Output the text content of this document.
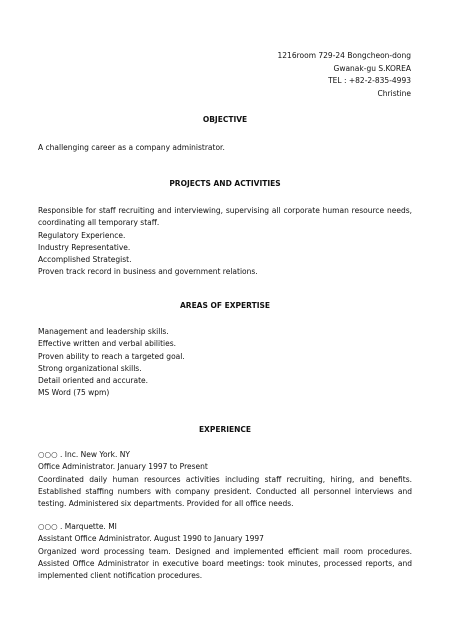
1216room 729-24 Bongcheon-dong
Gwanak-gu S.KOREA
TEL : +82-2-835-4993
Christine
OBJECTIVE
A challenging career as a company administrator.
PROJECTS AND ACTIVITIES
Responsible for staff recruiting and interviewing, supervising all corporate human resource needs,
coordinating all temporary staff.
Regulatory Experience.
Industry Representative.
Accomplished Strategist.
Proven track record in business and government relations.
AREAS OF EXPERTISE
Management and leadership skills.
Effective written and verbal abilities.
Proven ability to reach a targeted goal.
Strong organizational skills.
Detail oriented and accurate.
MS Word (75 wpm)
EXPERIENCE
○○○ . Inc. New York. NY
Office Administrator. January 1997 to Present
Coordinated daily human resources activities including staff recruiting, hiring, and benefits.
Established staffing numbers with company president. Conducted all personnel interviews and
testing. Administered six departments. Provided for all office needs.
○○○ . Marquette. MI
Assistant Office Administrator. August 1990 to January 1997
Organized word processing team. Designed and implemented efficient mail room procedures.
Assisted Office Administrator in executive board meetings: took minutes, processed reports, and
implemented client notification procedures.
